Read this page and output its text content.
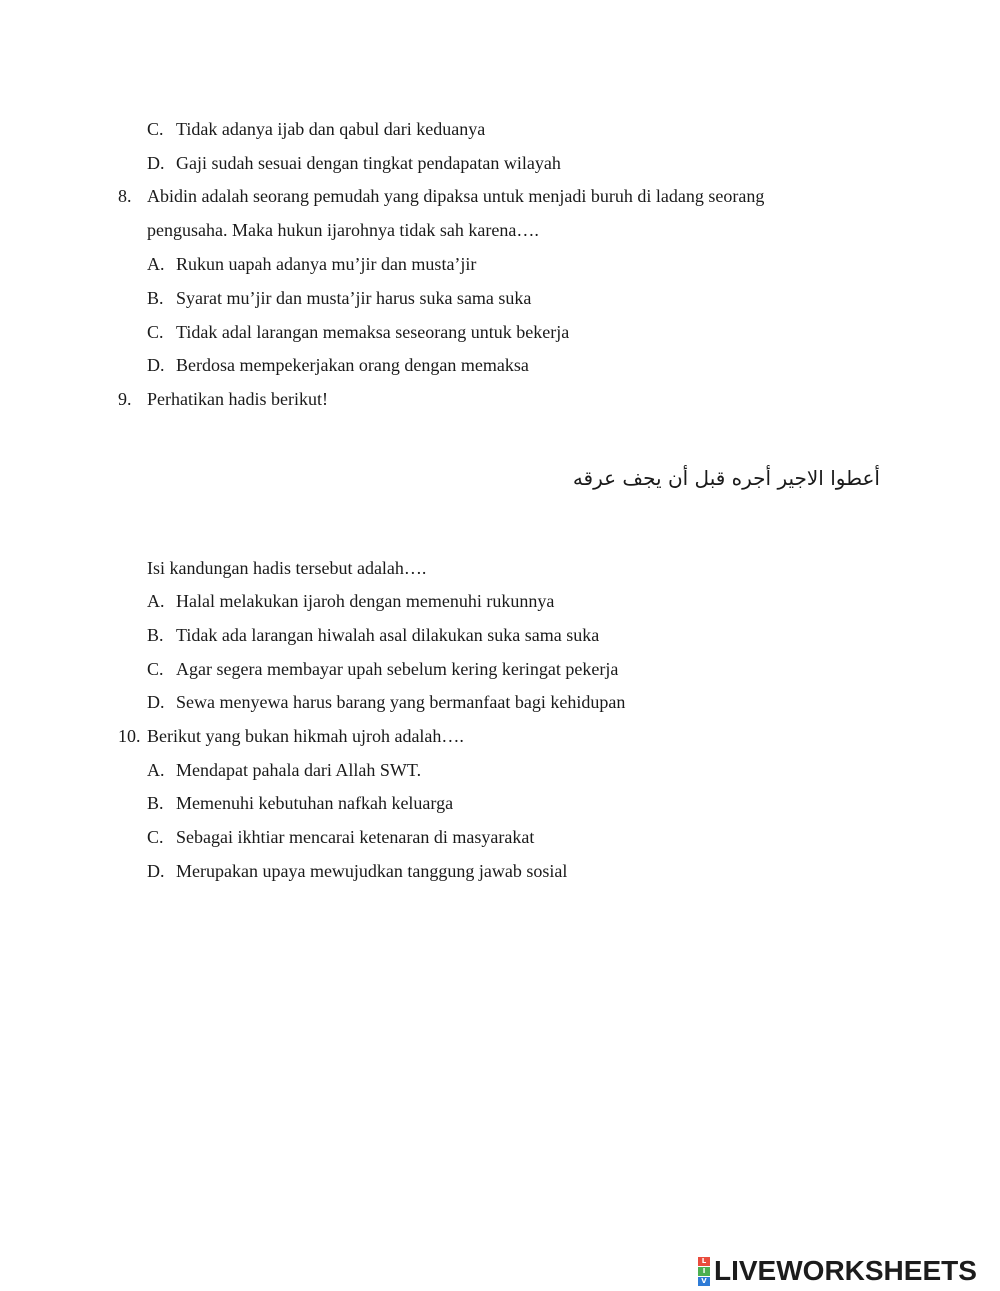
C. Tidak adanya ijab dan qabul dari keduanya
D. Gaji sudah sesuai dengan tingkat pendapatan wilayah
8. Abidin adalah seorang pemudah yang dipaksa untuk menjadi buruh di ladang seorang
pengusaha. Maka hukun ijarohnya tidak sah karena….
A. Rukun uapah adanya mu’jir dan musta’jir
B. Syarat mu’jir dan musta’jir harus suka sama suka
C. Tidak adal larangan memaksa seseorang untuk bekerja
D. Berdosa mempekerjakan orang dengan memaksa
9. Perhatikan hadis berikut!
أعطوا الاجير أجره قبل أن يجف عرقه
Isi kandungan hadis tersebut adalah….
A. Halal melakukan ijaroh dengan memenuhi rukunnya
B. Tidak ada larangan hiwalah asal dilakukan suka sama suka
C. Agar segera membayar upah sebelum kering keringat pekerja
D. Sewa menyewa harus barang yang bermanfaat bagi kehidupan
10. Berikut yang bukan hikmah ujroh adalah….
A. Mendapat pahala dari Allah SWT.
B. Memenuhi kebutuhan nafkah keluarga
C. Sebagai ikhtiar mencarai ketenaran di masyarakat
D. Merupakan upaya mewujudkan tanggung jawab sosial
L
I
V LIVEWORKSHEETS
